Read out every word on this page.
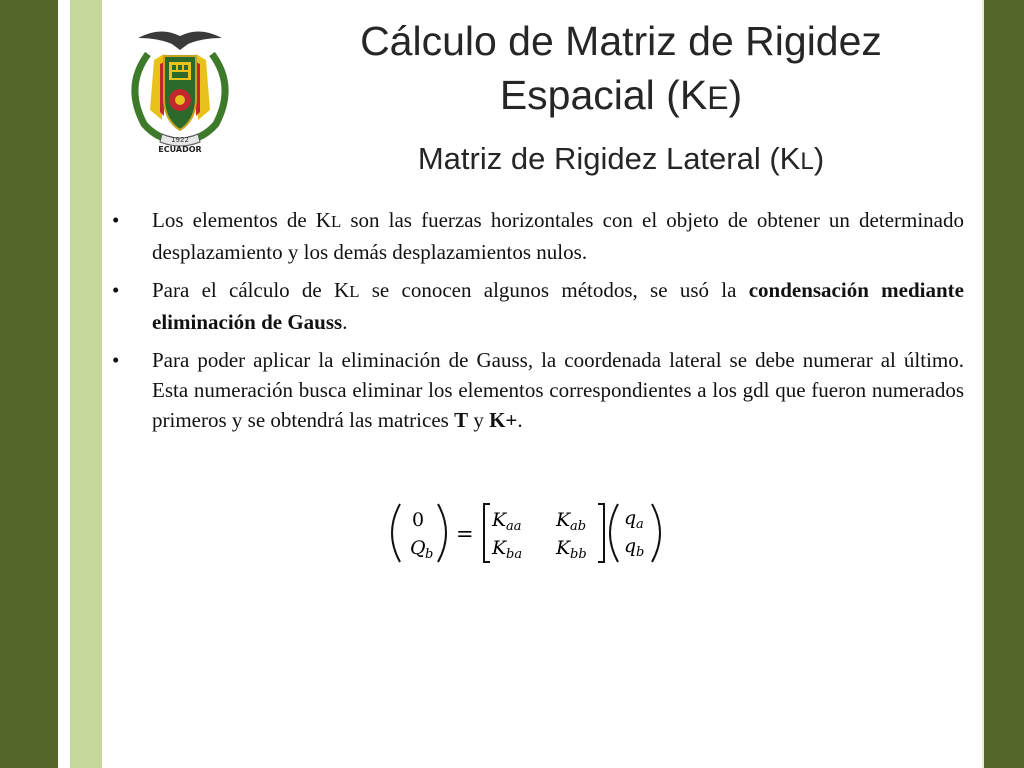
1922
ECUADOR
Cálculo de Matriz de Rigidez
Espacial (KE)
Matriz de Rigidez Lateral (KL)
• Los elementos de KL son las fuerzas horizontales con el objeto de obtener un determinado desplazamiento y los demás desplazamientos nulos.
• Para el cálculo de KL se conocen algunos métodos, se usó la condensación mediante eliminación de Gauss.
• Para poder aplicar la eliminación de Gauss, la coordenada lateral se debe numerar al último. Esta numeración busca eliminar los elementos correspondientes a los gdl que fueron numerados primeros y se obtendrá las matrices T y K+.
0
Q b
=
K aa K ab
K ba K bb
q a
q b
